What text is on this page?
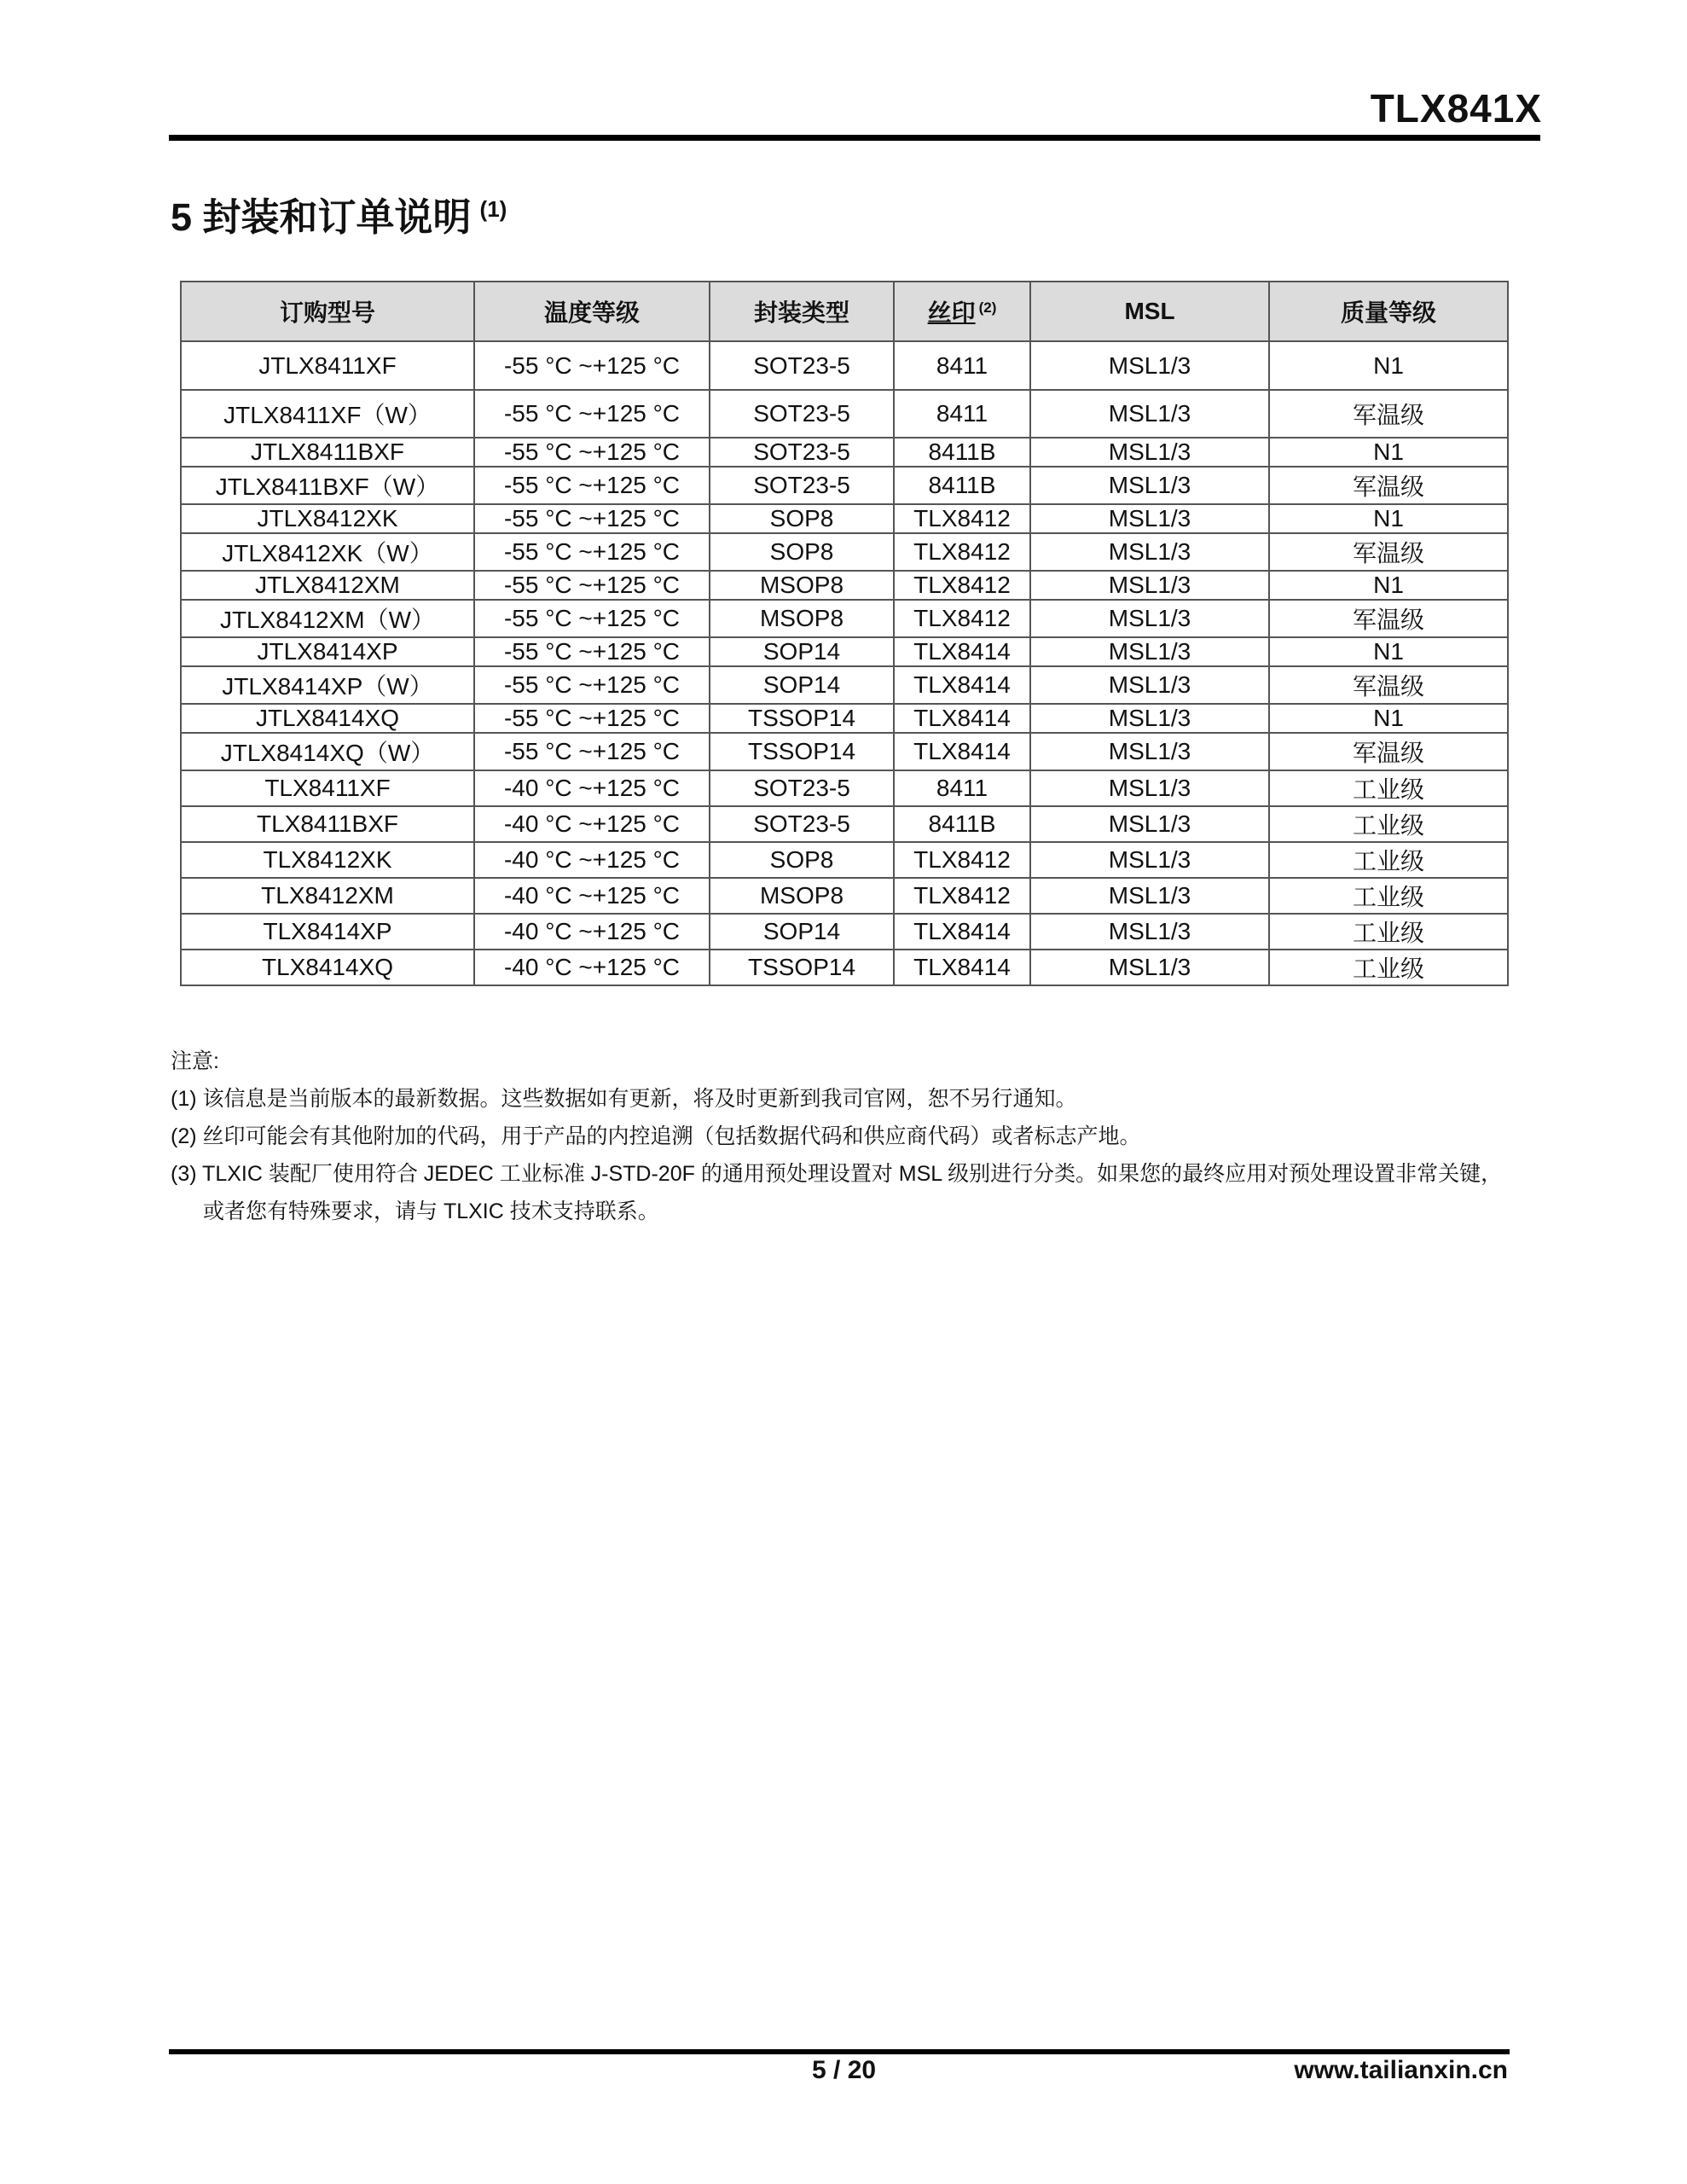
TLX841X
5 封装和订单说明 $^{(1)}$
订购型号	温度等级	封装类型	丝印 $^{(2)}$	MSL	质量等级
JTLX8411XF	-55 °C ~+125 °C	SOT23-5	8411	MSL1/3	N1
JTLX8411XF（W）	-55 °C ~+125 °C	SOT23-5	8411	MSL1/3	军温级
JTLX8411BXF	-55 °C ~+125 °C	SOT23-5	8411B	MSL1/3	N1
JTLX8411BXF（W）	-55 °C ~+125 °C	SOT23-5	8411B	MSL1/3	军温级
JTLX8412XK	-55 °C ~+125 °C	SOP8	TLX8412	MSL1/3	N1
JTLX8412XK（W）	-55 °C ~+125 °C	SOP8	TLX8412	MSL1/3	军温级
JTLX8412XM	-55 °C ~+125 °C	MSOP8	TLX8412	MSL1/3	N1
JTLX8412XM（W）	-55 °C ~+125 °C	MSOP8	TLX8412	MSL1/3	军温级
JTLX8414XP	-55 °C ~+125 °C	SOP14	TLX8414	MSL1/3	N1
JTLX8414XP（W）	-55 °C ~+125 °C	SOP14	TLX8414	MSL1/3	军温级
JTLX8414XQ	-55 °C ~+125 °C	TSSOP14	TLX8414	MSL1/3	N1
JTLX8414XQ（W）	-55 °C ~+125 °C	TSSOP14	TLX8414	MSL1/3	军温级
TLX8411XF	-40 °C ~+125 °C	SOT23-5	8411	MSL1/3	工业级
TLX8411BXF	-40 °C ~+125 °C	SOT23-5	8411B	MSL1/3	工业级
TLX8412XK	-40 °C ~+125 °C	SOP8	TLX8412	MSL1/3	工业级
TLX8412XM	-40 °C ~+125 °C	MSOP8	TLX8412	MSL1/3	工业级
TLX8414XP	-40 °C ~+125 °C	SOP14	TLX8414	MSL1/3	工业级
TLX8414XQ	-40 °C ~+125 °C	TSSOP14	TLX8414	MSL1/3	工业级

注意:

(1) 该信息是当前版本的最新数据。这些数据如有更新，将及时更新到我司官网，恕不另行通知。

(2) 丝印可能会有其他附加的代码，用于产品的内控追溯（包括数据代码和供应商代码）或者标志产地。

(3) TLXIC 装配厂使用符合 JEDEC 工业标准 J-STD-20F 的通用预处理设置对 MSL 级别进行分类。如果您的最终应用对预处理设置非常关键，

或者您有特殊要求，请与 TLXIC 技术支持联系。

5 / 20	www.tailianxin.cn
